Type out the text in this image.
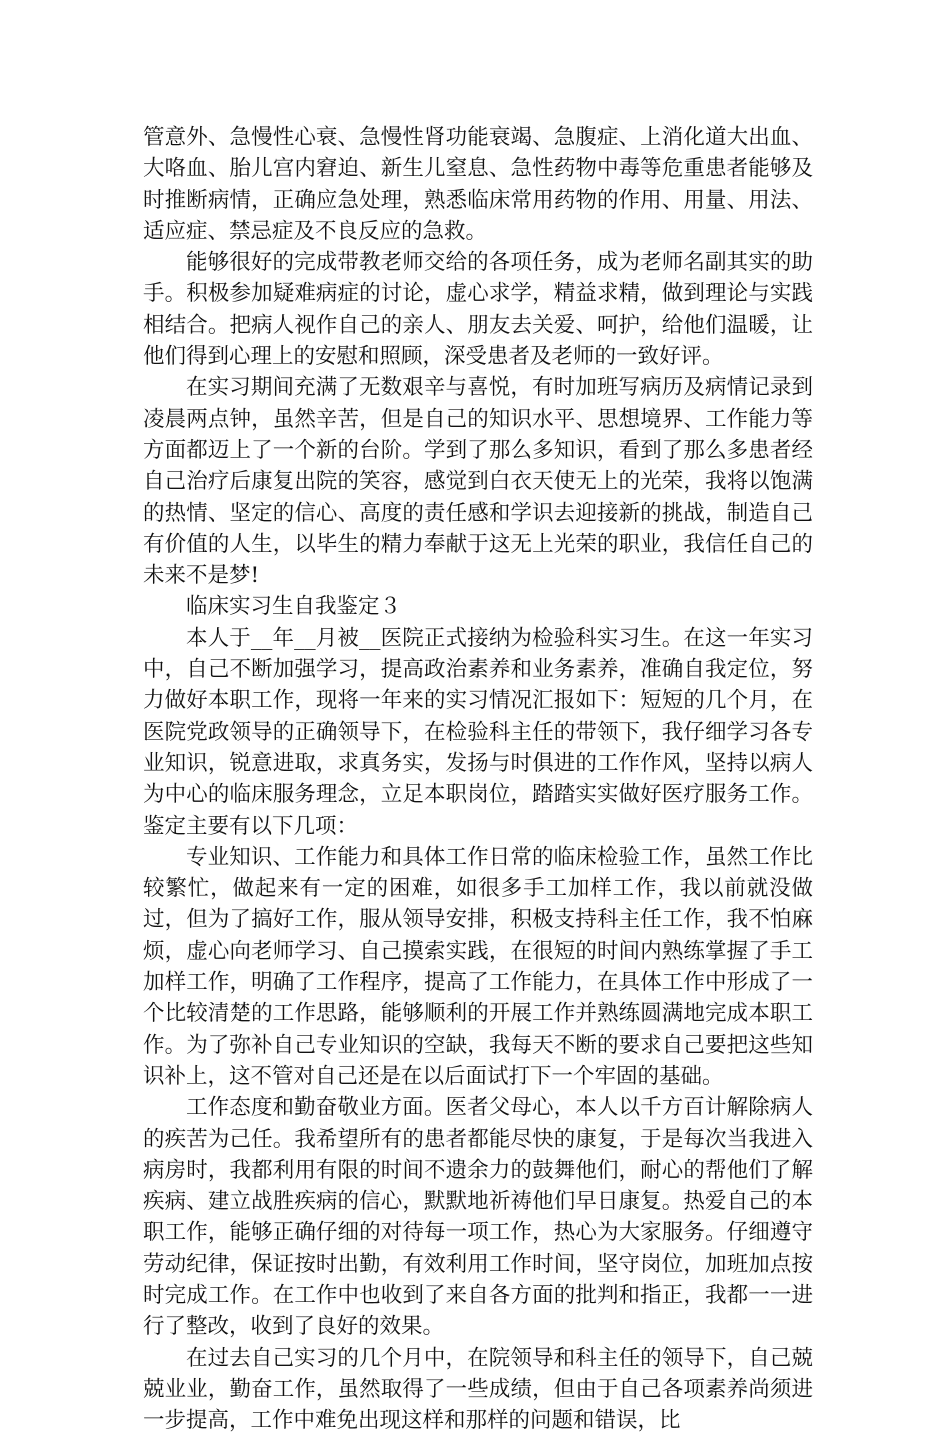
管意外、急慢性心衰、急慢性肾功能衰竭、急腹症、上消化道大出血、大咯血、胎儿宫内窘迫、新生儿窒息、急性药物中毒等危重患者能够及时推断病情，正确应急处理，熟悉临床常用药物的作用、用量、用法、适应症、禁忌症及不良反应的急救。

能够很好的完成带教老师交给的各项任务，成为老师名副其实的助手。积极参加疑难病症的讨论，虚心求学，精益求精，做到理论与实践相结合。把病人视作自己的亲人、朋友去关爱、呵护，给他们温暖，让他们得到心理上的安慰和照顾，深受患者及老师的一致好评。

在实习期间充满了无数艰辛与喜悦，有时加班写病历及病情记录到凌晨两点钟，虽然辛苦，但是自己的知识水平、思想境界、工作能力等方面都迈上了一个新的台阶。学到了那么多知识，看到了那么多患者经自己治疗后康复出院的笑容，感觉到白衣天使无上的光荣，我将以饱满的热情、坚定的信心、高度的责任感和学识去迎接新的挑战，制造自己有价值的人生，以毕生的精力奉献于这无上光荣的职业，我信任自己的未来不是梦!

临床实习生自我鉴定３

本人于__年__月被__医院正式接纳为检验科实习生。在这一年实习中，自己不断加强学习，提高政治素养和业务素养，准确自我定位，努力做好本职工作，现将一年来的实习情况汇报如下：短短的几个月，在医院党政领导的正确领导下，在检验科主任的带领下，我仔细学习各专业知识，锐意进取，求真务实，发扬与时俱进的工作作风，坚持以病人为中心的临床服务理念，立足本职岗位，踏踏实实做好医疗服务工作。鉴定主要有以下几项：

专业知识、工作能力和具体工作日常的临床检验工作，虽然工作比较繁忙，做起来有一定的困难，如很多手工加样工作，我以前就没做过，但为了搞好工作，服从领导安排，积极支持科主任工作，我不怕麻烦，虚心向老师学习、自己摸索实践，在很短的时间内熟练掌握了手工加样工作，明确了工作程序，提高了工作能力，在具体工作中形成了一个比较清楚的工作思路，能够顺利的开展工作并熟练圆满地完成本职工作。为了弥补自己专业知识的空缺，我每天不断的要求自己要把这些知识补上，这不管对自己还是在以后面试打下一个牢固的基础。

工作态度和勤奋敬业方面。医者父母心，本人以千方百计解除病人的疾苦为己任。我希望所有的患者都能尽快的康复，于是每次当我进入病房时，我都利用有限的时间不遗余力的鼓舞他们，耐心的帮他们了解疾病、建立战胜疾病的信心，默默地祈祷他们早日康复。热爱自己的本职工作，能够正确仔细的对待每一项工作，热心为大家服务。仔细遵守劳动纪律，保证按时出勤，有效利用工作时间，坚守岗位，加班加点按时完成工作。在工作中也收到了来自各方面的批判和指正，我都一一进行了整改，收到了良好的效果。

在过去自己实习的几个月中，在院领导和科主任的领导下，自己兢兢业业，勤奋工作，虽然取得了一些成绩，但由于自己各项素养尚须进一步提高，工作中难免出现这样和那样的问题和错误，比
